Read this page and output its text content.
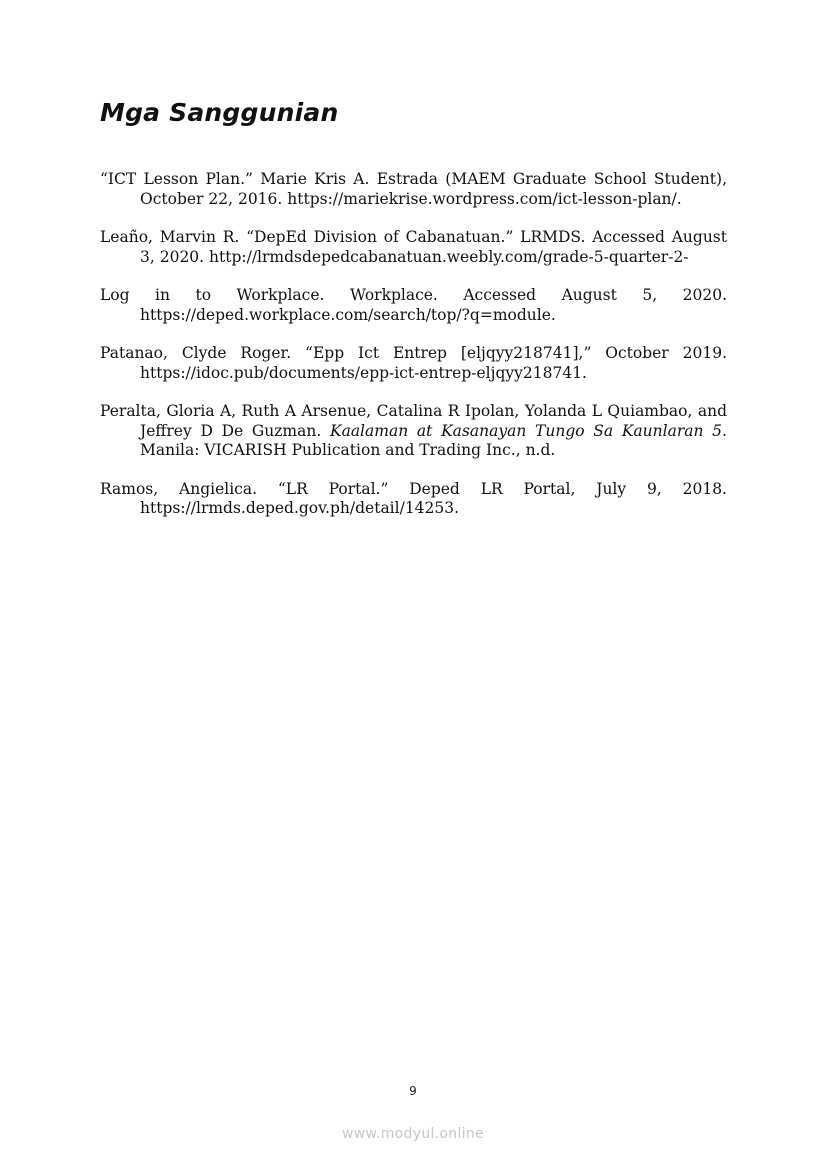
Mga Sanggunian
“ICT Lesson Plan.” Marie Kris A. Estrada (MAEM Graduate School Student), October 22, 2016. https://mariekrise.wordpress.com/ict-lesson-plan/.
Leaño, Marvin R. “DepEd Division of Cabanatuan.” LRMDS. Accessed August 3, 2020. http://lrmdsdepedcabanatuan.weebly.com/grade-5-quarter-2-
Log in to Workplace. Workplace. Accessed August 5, 2020. https://deped.workplace.com/search/top/?q=module.
Patanao, Clyde Roger. “Epp Ict Entrep [eljqyy218741],” October 2019. https://idoc.pub/documents/epp-ict-entrep-eljqyy218741.
Peralta, Gloria A, Ruth A Arsenue, Catalina R Ipolan, Yolanda L Quiambao, and Jeffrey D De Guzman. Kaalaman at Kasanayan Tungo Sa Kaunlaran 5. Manila: VICARISH Publication and Trading Inc., n.d.
Ramos, Angielica. “LR Portal.” Deped LR Portal, July 9, 2018. https://lrmds.deped.gov.ph/detail/14253.
9
www.modyul.online
